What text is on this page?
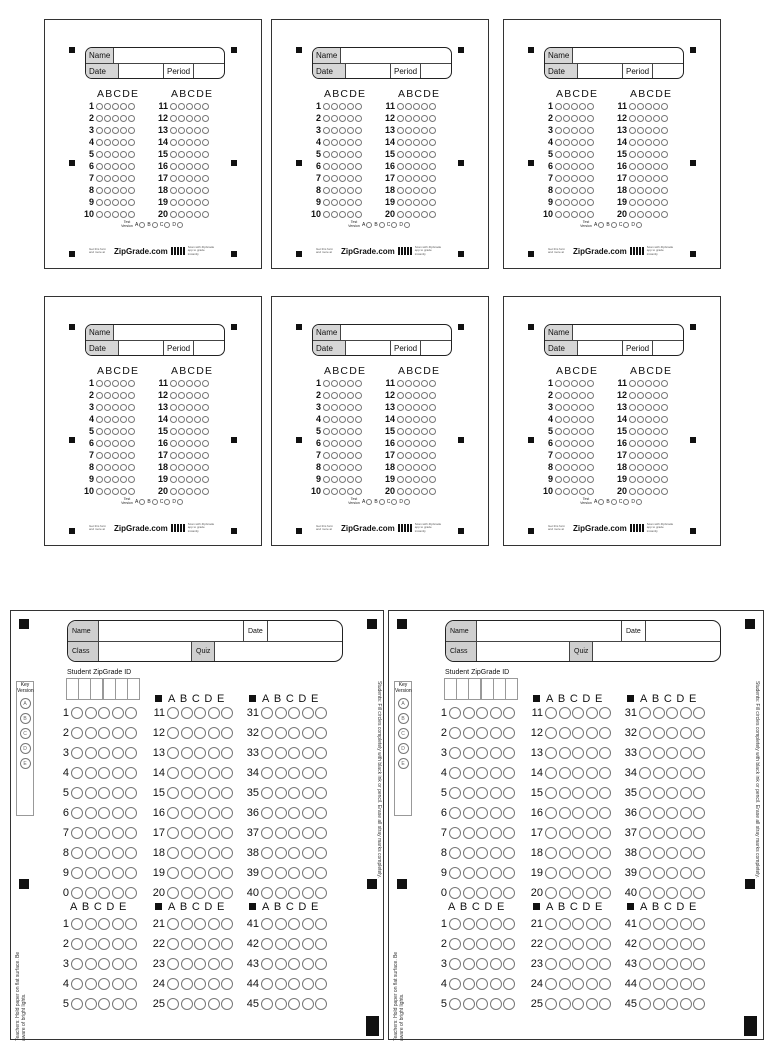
Name
Date	Period
ABCDE	ABCDE
1
2
3
4
5
6
7
8
9
10
11
12
13
14
15
16
17
18
19
20
Test Version A B C D
Get this form and more at	ZipGrade.com	Scan with ZipGrade app to grade instantly
Name
Date	Period
ABCDE	ABCDE
1
2
3
4
5
6
7
8
9
10
11
12
13
14
15
16
17
18
19
20
Test Version A B C D
Get this form and more at	ZipGrade.com	Scan with ZipGrade app to grade instantly
Name
Date	Period
ABCDE	ABCDE
1
2
3
4
5
6
7
8
9
10
11
12
13
14
15
16
17
18
19
20
Test Version A B C D
Get this form and more at	ZipGrade.com	Scan with ZipGrade app to grade instantly
Name
Date	Period
ABCDE	ABCDE
1
2
3
4
5
6
7
8
9
10
11
12
13
14
15
16
17
18
19
20
Test Version A B C D
Get this form and more at	ZipGrade.com	Scan with ZipGrade app to grade instantly
Name
Date	Period
ABCDE	ABCDE
1
2
3
4
5
6
7
8
9
10
11
12
13
14
15
16
17
18
19
20
Test Version A B C D
Get this form and more at	ZipGrade.com	Scan with ZipGrade app to grade instantly
Name
Date	Period
ABCDE	ABCDE
1
2
3
4
5
6
7
8
9
10
11
12
13
14
15
16
17
18
19
20
Test Version A B C D
Get this form and more at	ZipGrade.com	Scan with ZipGrade app to grade instantly
Name	Date
Class	Quiz
Student ZipGrade ID
Key Version
A
B
C
D
E
ABCDE	ABCDE
ABCDE	ABCDE	ABCDE
1
2
3
4
5
6
7
8
9
0
11
12
13
14
15
16
17
18
19
20
31
32
33
34
35
36
37
38
39
40
1
2
3
4
5
21
22
23
24
25
41
42
43
44
45
Students: Fill circles completely with black ink or pencil. Erase all stray marks completely.
Teachers: Hold paper on flat surface. Be aware of bright lights.
Name	Date
Class	Quiz
Student ZipGrade ID
Key Version
A
B
C
D
E
ABCDE	ABCDE
ABCDE	ABCDE	ABCDE
1
2
3
4
5
6
7
8
9
0
11
12
13
14
15
16
17
18
19
20
31
32
33
34
35
36
37
38
39
40
1
2
3
4
5
21
22
23
24
25
41
42
43
44
45
Students: Fill circles completely with black ink or pencil. Erase all stray marks completely.
Teachers: Hold paper on flat surface. Be aware of bright lights.
